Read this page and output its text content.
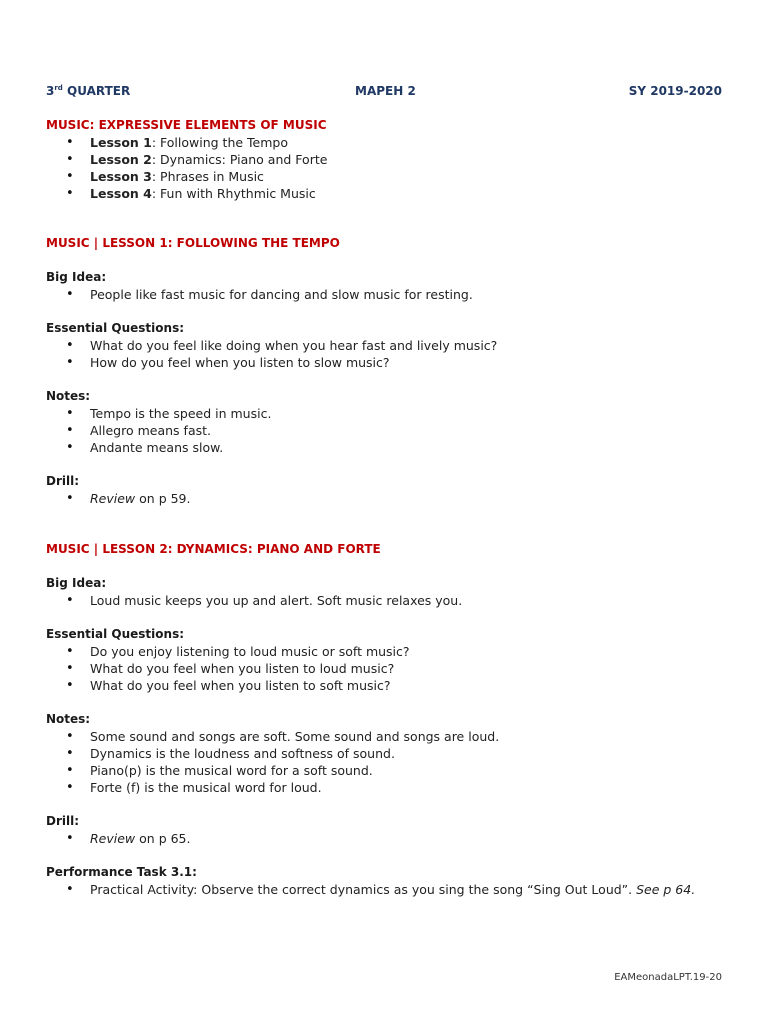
3rd QUARTER	MAPEH 2	SY 2019-2020
MUSIC: EXPRESSIVE ELEMENTS OF MUSIC
• Lesson 1: Following the Tempo
• Lesson 2: Dynamics: Piano and Forte
• Lesson 3: Phrases in Music
• Lesson 4: Fun with Rhythmic Music
MUSIC | LESSON 1: FOLLOWING THE TEMPO
Big Idea:
• People like fast music for dancing and slow music for resting.
Essential Questions:
• What do you feel like doing when you hear fast and lively music?
• How do you feel when you listen to slow music?
Notes:
• Tempo is the speed in music.
• Allegro means fast.
• Andante means slow.
Drill:
• Review on p 59.
MUSIC | LESSON 2: DYNAMICS: PIANO AND FORTE
Big Idea:
• Loud music keeps you up and alert. Soft music relaxes you.
Essential Questions:
• Do you enjoy listening to loud music or soft music?
• What do you feel when you listen to loud music?
• What do you feel when you listen to soft music?
Notes:
• Some sound and songs are soft. Some sound and songs are loud.
• Dynamics is the loudness and softness of sound.
• Piano(p) is the musical word for a soft sound.
• Forte (f) is the musical word for loud.
Drill:
• Review on p 65.
Performance Task 3.1:
• Practical Activity: Observe the correct dynamics as you sing the song “Sing Out Loud”. See p 64.
EAMeonadaLPT.19-20
